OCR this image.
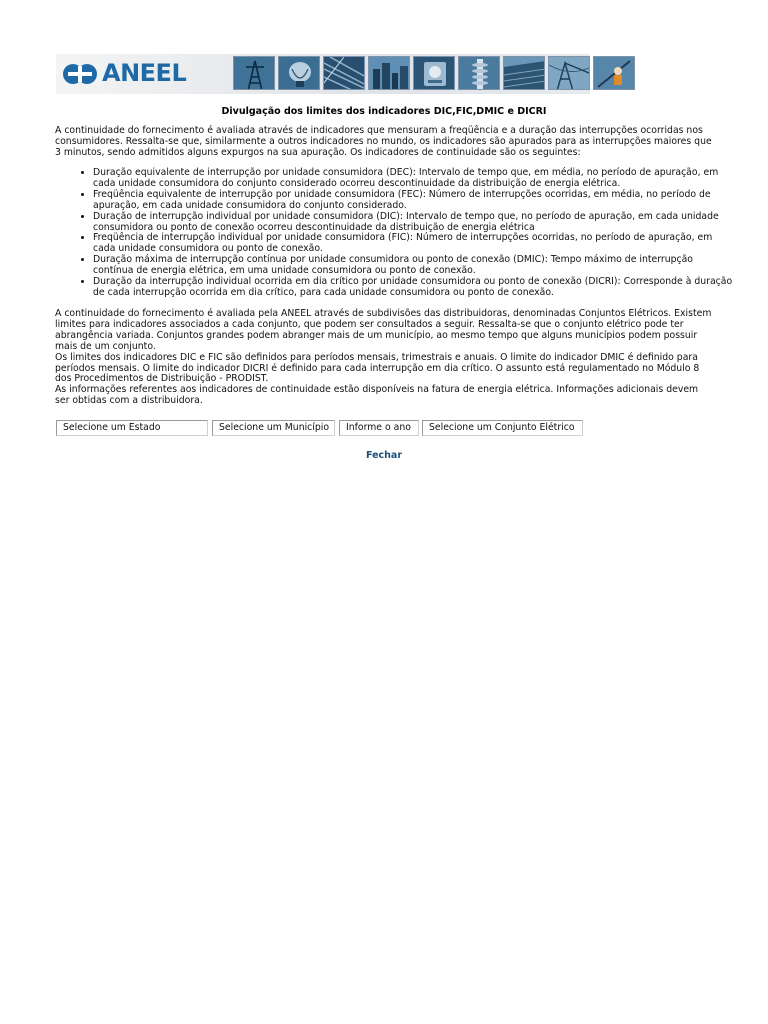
ANEEL
Divulgação dos limites dos indicadores DIC,FIC,DMIC e DICRI
A continuidade do fornecimento é avaliada através de indicadores que mensuram a freqüência e a duração das interrupções ocorridas nos consumidores. Ressalta-se que, similarmente a outros indicadores no mundo, os indicadores são apurados para as interrupções maiores que 3 minutos, sendo admitidos alguns expurgos na sua apuração. Os indicadores de continuidade são os seguintes:
• Duração equivalente de interrupção por unidade consumidora (DEC): Intervalo de tempo que, em média, no período de apuração, em cada unidade consumidora do conjunto considerado ocorreu descontinuidade da distribuição de energia elétrica.
• Freqüência equivalente de interrupção por unidade consumidora (FEC): Número de interrupções ocorridas, em média, no período de apuração, em cada unidade consumidora do conjunto considerado.
• Duração de interrupção individual por unidade consumidora (DIC): Intervalo de tempo que, no período de apuração, em cada unidade consumidora ou ponto de conexão ocorreu descontinuidade da distribuição de energia elétrica
• Freqüência de interrupção individual por unidade consumidora (FIC): Número de interrupções ocorridas, no período de apuração, em cada unidade consumidora ou ponto de conexão.
• Duração máxima de interrupção contínua por unidade consumidora ou ponto de conexão (DMIC): Tempo máximo de interrupção contínua de energia elétrica, em uma unidade consumidora ou ponto de conexão.
• Duração da interrupção individual ocorrida em dia crítico por unidade consumidora ou ponto de conexão (DICRI): Corresponde à duração de cada interrupção ocorrida em dia crítico, para cada unidade consumidora ou ponto de conexão.
A continuidade do fornecimento é avaliada pela ANEEL através de subdivisões das distribuidoras, denominadas Conjuntos Elétricos. Existem limites para indicadores associados a cada conjunto, que podem ser consultados a seguir. Ressalta-se que o conjunto elétrico pode ter abrangência variada. Conjuntos grandes podem abranger mais de um município, ao mesmo tempo que alguns municípios podem possuir mais de um conjunto.
Os limites dos indicadores DIC e FIC são definidos para períodos mensais, trimestrais e anuais. O limite do indicador DMIC é definido para períodos mensais. O limite do indicador DICRI é definido para cada interrupção em dia crítico. O assunto está regulamentado no Módulo 8 dos Procedimentos de Distribuição - PRODIST.
As informações referentes aos indicadores de continuidade estão disponíveis na fatura de energia elétrica. Informações adicionais devem ser obtidas com a distribuidora.
Selecione um Estado	Selecione um Município	Informe o ano	Selecione um Conjunto Elétrico
Fechar
